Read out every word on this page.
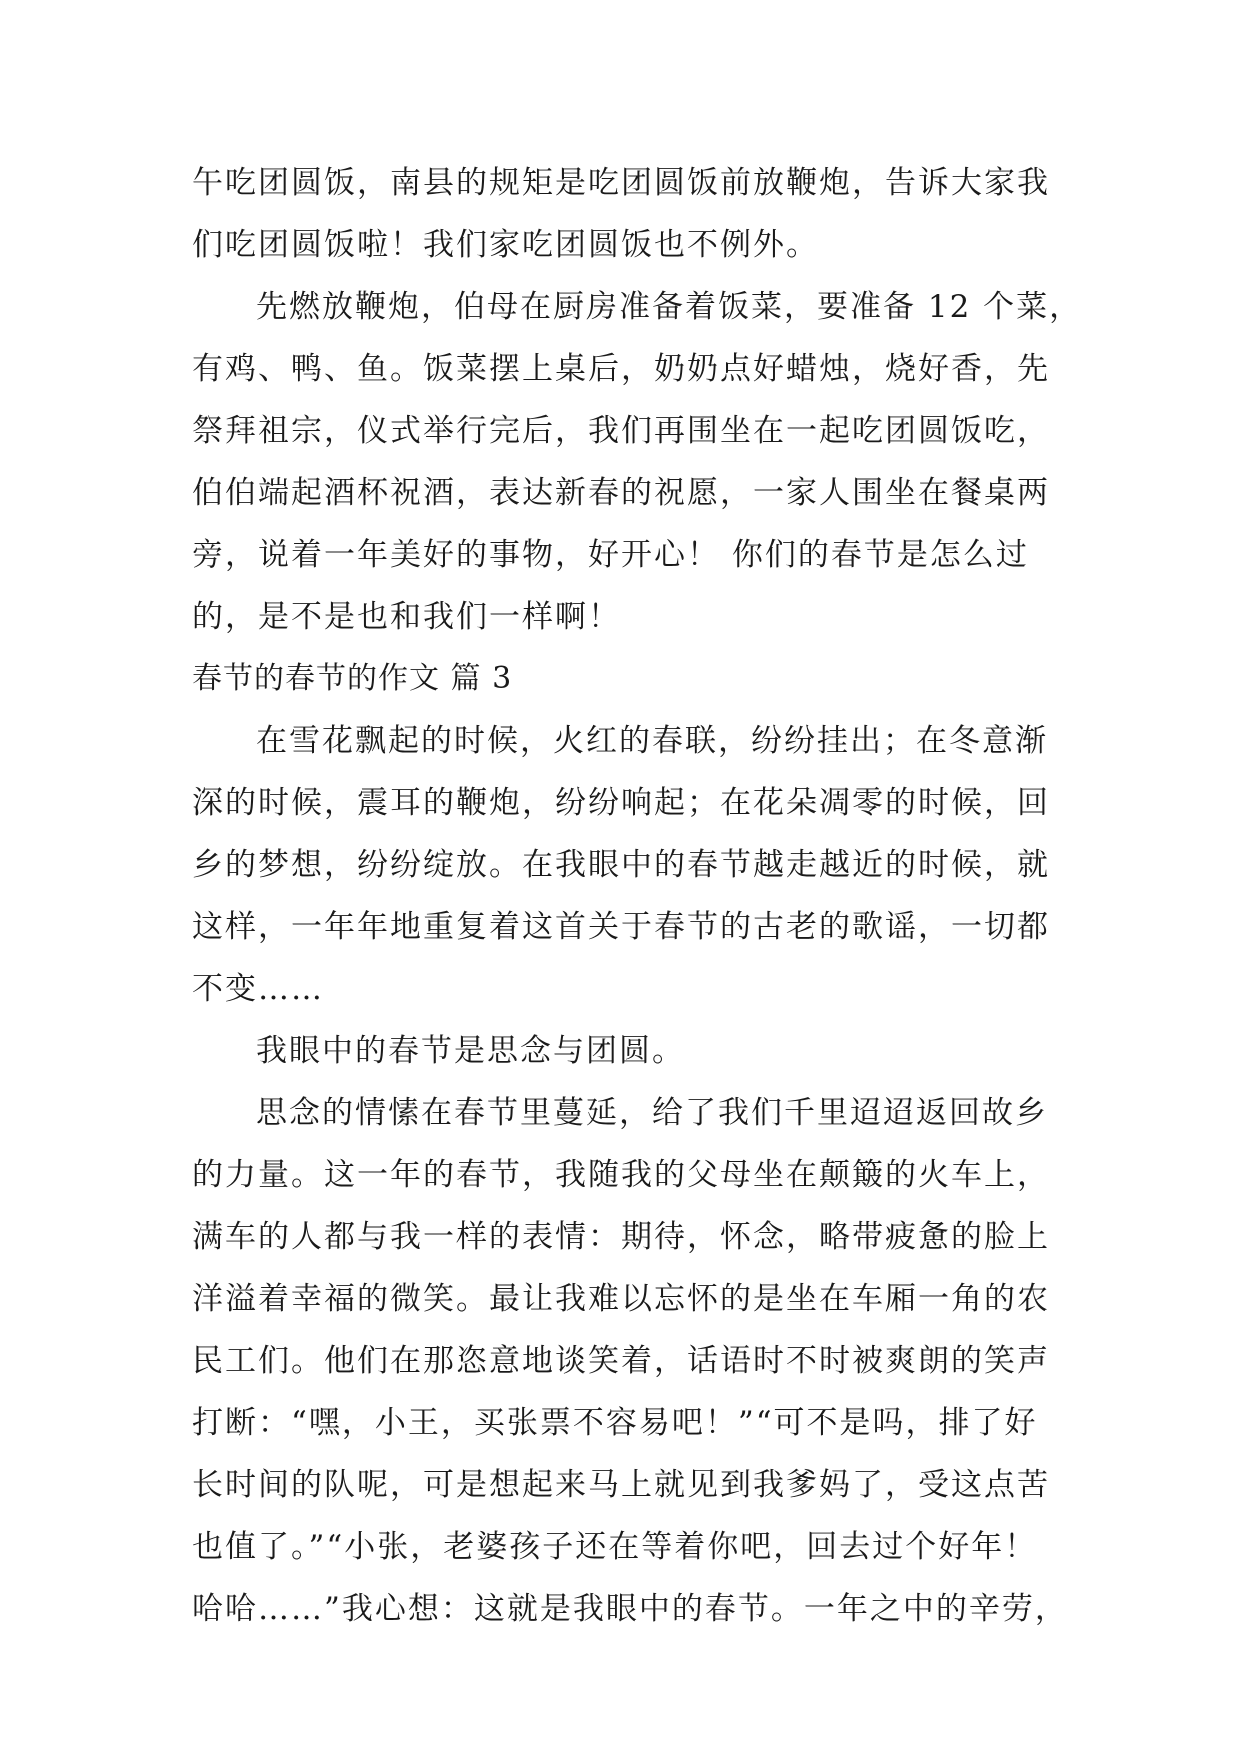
午吃团圆饭，南县的规矩是吃团圆饭前放鞭炮，告诉大家我
们吃团圆饭啦！我们家吃团圆饭也不例外。
先燃放鞭炮，伯母在厨房准备着饭菜，要准备 12 个菜，
有鸡、鸭、鱼。饭菜摆上桌后，奶奶点好蜡烛，烧好香，先
祭拜祖宗，仪式举行完后，我们再围坐在一起吃团圆饭吃，
伯伯端起酒杯祝酒，表达新春的祝愿，一家人围坐在餐桌两
旁，说着一年美好的事物，好开心！ 你们的春节是怎么过
的，是不是也和我们一样啊！
春节的春节的作文 篇 3
在雪花飘起的时候，火红的春联，纷纷挂出；在冬意渐
深的时候，震耳的鞭炮，纷纷响起；在花朵凋零的时候，回
乡的梦想，纷纷绽放。在我眼中的春节越走越近的时候，就
这样，一年年地重复着这首关于春节的古老的歌谣，一切都
不变……
我眼中的春节是思念与团圆。
思念的情愫在春节里蔓延，给了我们千里迢迢返回故乡
的力量。这一年的春节，我随我的父母坐在颠簸的火车上，
满车的人都与我一样的表情：期待，怀念，略带疲惫的脸上
洋溢着幸福的微笑。最让我难以忘怀的是坐在车厢一角的农
民工们。他们在那恣意地谈笑着，话语时不时被爽朗的笑声
打断：“嘿，小王，买张票不容易吧！”“可不是吗，排了好
长时间的队呢，可是想起来马上就见到我爹妈了，受这点苦
也值了。”“小张，老婆孩子还在等着你吧，回去过个好年！
哈哈……”我心想：这就是我眼中的春节。一年之中的辛劳，
